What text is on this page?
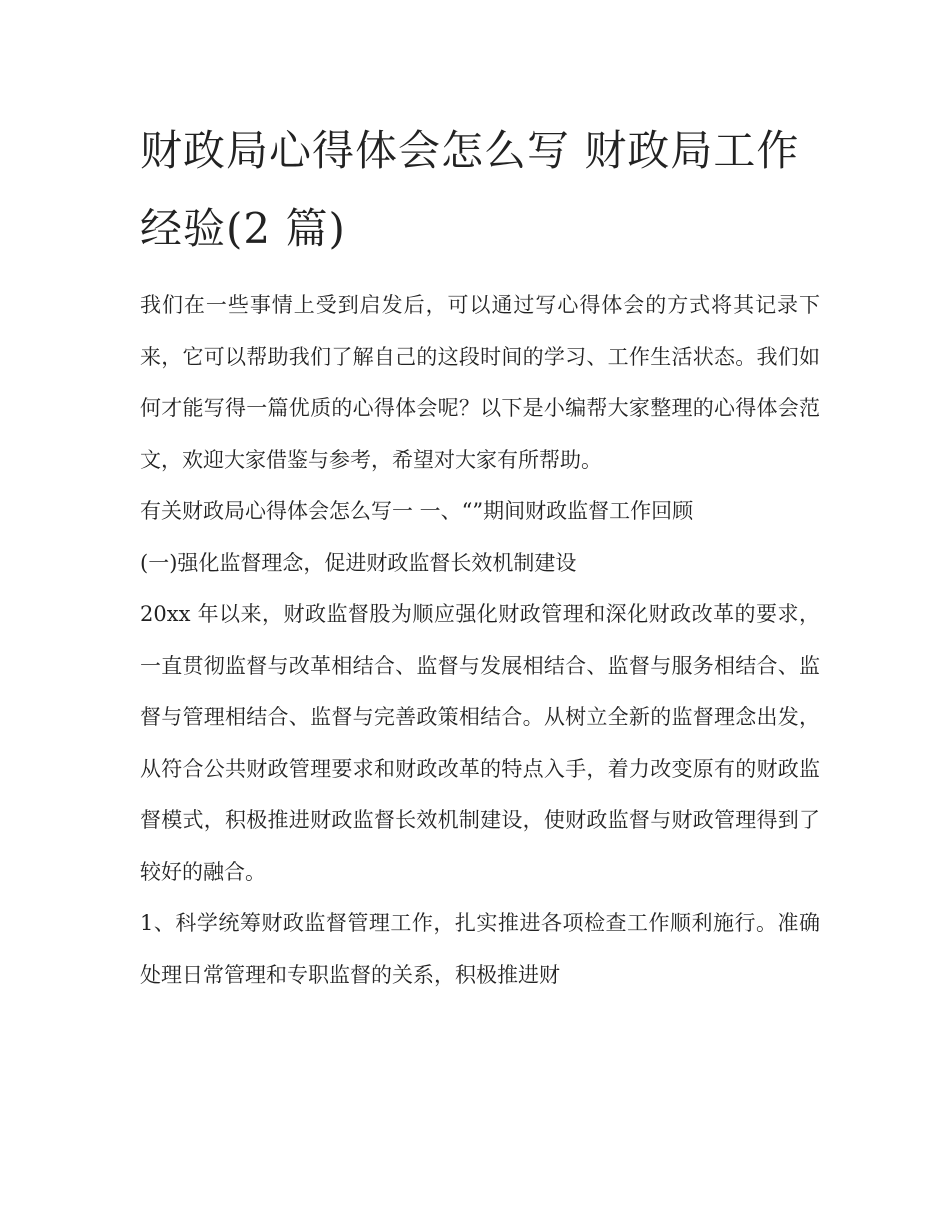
财政局心得体会怎么写 财政局工作经验(2 篇)

我们在一些事情上受到启发后，可以通过写心得体会的方式将其记录下来，它可以帮助我们了解自己的这段时间的学习、工作生活状态。我们如何才能写得一篇优质的心得体会呢？以下是小编帮大家整理的心得体会范文，欢迎大家借鉴与参考，希望对大家有所帮助。

有关财政局心得体会怎么写一 一、“”期间财政监督工作回顾

(一)强化监督理念，促进财政监督长效机制建设

20xx 年以来，财政监督股为顺应强化财政管理和深化财政改革的要求，一直贯彻监督与改革相结合、监督与发展相结合、监督与服务相结合、监督与管理相结合、监督与完善政策相结合。从树立全新的监督理念出发，从符合公共财政管理要求和财政改革的特点入手，着力改变原有的财政监督模式，积极推进财政监督长效机制建设，使财政监督与财政管理得到了较好的融合。

1、科学统筹财政监督管理工作，扎实推进各项检查工作顺利施行。准确处理日常管理和专职监督的关系，积极推进财
